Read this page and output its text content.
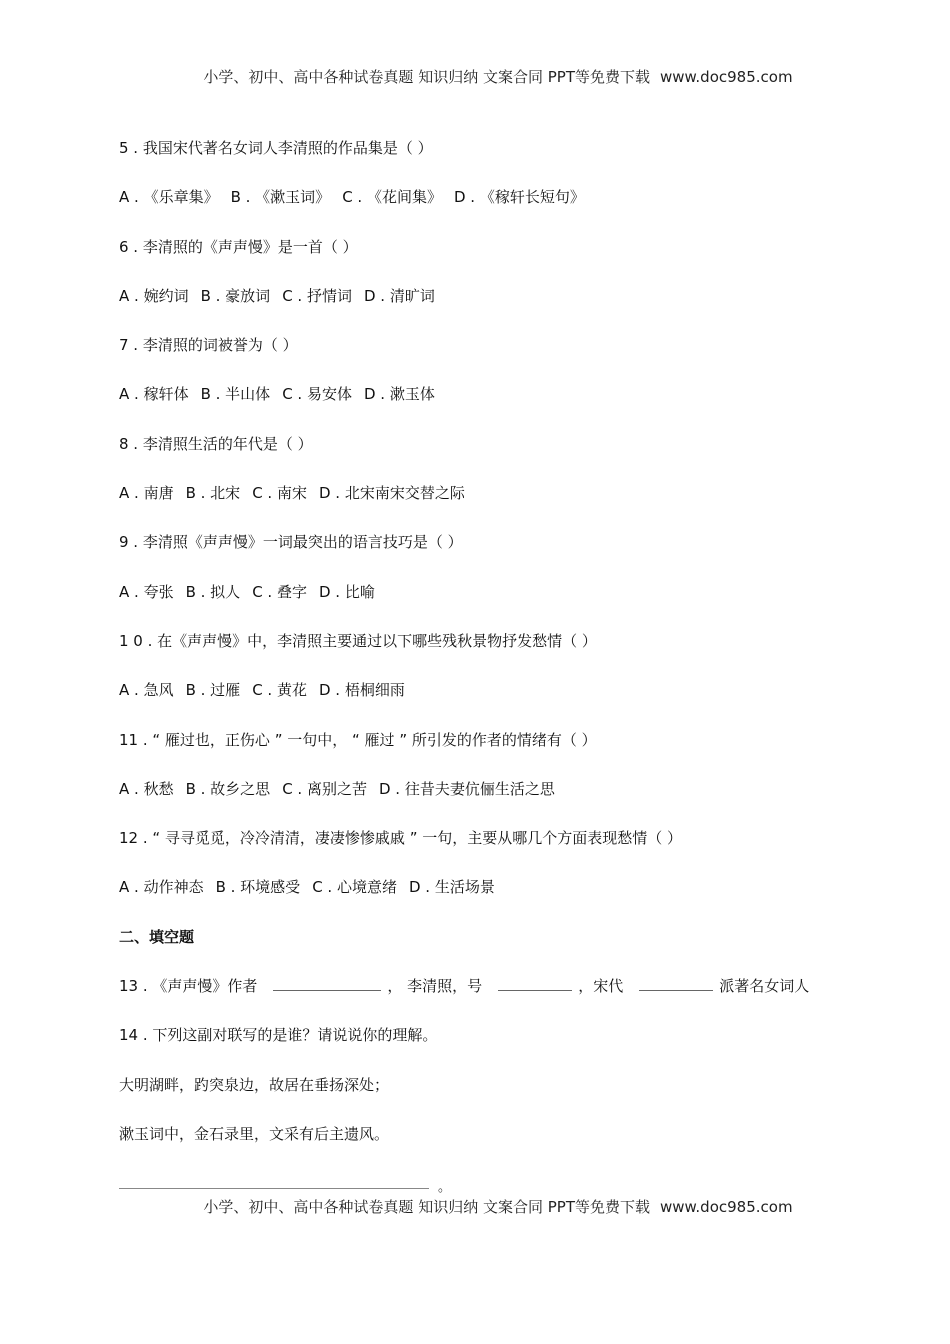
小学、初中、高中各种试卷真题 知识归纳 文案合同 PPT等免费下载 www.doc985.com
5 . 我国宋代著名女词人李清照的作品集是（ ）
A . 《乐章集》 B . 《漱玉词》 C . 《花间集》 D . 《稼轩长短句》
6 . 李清照的《声声慢》是一首（ ）
A . 婉约词 B . 豪放词 C . 抒情词 D . 清旷词
7 . 李清照的词被誉为（ ）
A . 稼轩体 B . 半山体 C . 易安体 D . 漱玉体
8 . 李清照生活的年代是（ ）
A . 南唐 B . 北宋 C . 南宋 D . 北宋南宋交替之际
9 . 李清照《声声慢》一词最突出的语言技巧是（ ）
A . 夸张 B . 拟人 C . 叠字 D . 比喻
1 0 . 在《声声慢》中，李清照主要通过以下哪些残秋景物抒发愁情（ ）
A . 急风 B . 过雁 C . 黄花 D . 梧桐细雨
11 . “ 雁过也，正伤心 ” 一句中， “ 雁过 ” 所引发的作者的情绪有（ ）
A . 秋愁 B . 故乡之思 C . 离别之苦 D . 往昔夫妻伉俪生活之思
12 . “ 寻寻觅觅，冷冷清清，凄凄惨惨戚戚 ” 一句，主要从哪几个方面表现愁情（ ）
A . 动作神态 B . 环境感受 C . 心境意绪 D . 生活场景
二、填空题
13 . 《声声慢》作者	， 李清照，号	，宋代	派著名女词人
14 . 下列这副对联写的是谁？请说说你的理解。
大明湖畔，趵突泉边，故居在垂扬深处；
漱玉词中，金石录里，文采有后主遗风。
。
小学、初中、高中各种试卷真题 知识归纳 文案合同 PPT等免费下载 www.doc985.com
